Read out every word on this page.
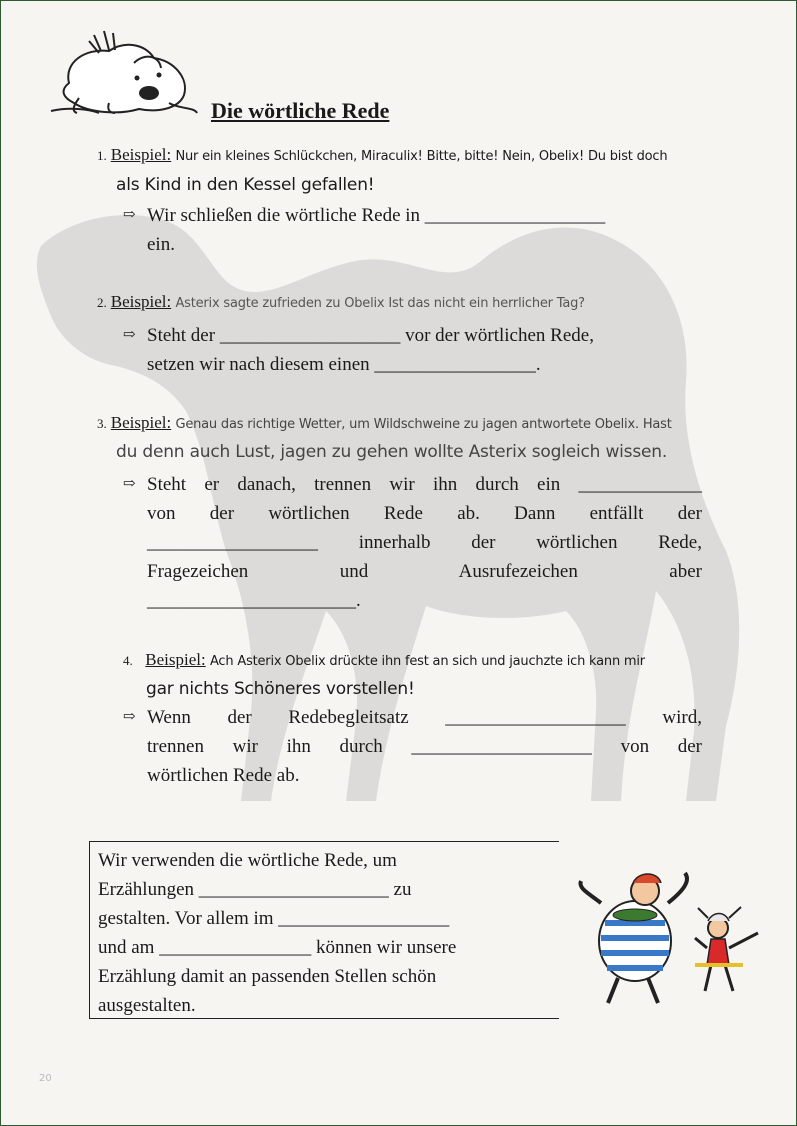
Die wörtliche Rede
1. Beispiel: Nur ein kleines Schlückchen, Miraculix! Bitte, bitte! Nein, Obelix! Du bist doch
als Kind in den Kessel gefallen!
⇨ Wir schließen die wörtliche Rede in ___________________
ein.
2. Beispiel: Asterix sagte zufrieden zu Obelix Ist das nicht ein herrlicher Tag?
⇨ Steht der ___________________ vor der wörtlichen Rede,
setzen wir nach diesem einen _________________.
3. Beispiel: Genau das richtige Wetter, um Wildschweine zu jagen antwortete Obelix. Hast
du denn auch Lust, jagen zu gehen wollte Asterix sogleich wissen.
⇨ Steht er danach, trennen wir ihn durch ein _____________
von der wörtlichen Rede ab. Dann entfällt der
__________________ innerhalb der wörtlichen Rede,
Fragezeichen und Ausrufezeichen aber
______________________.
4. Beispiel: Ach Asterix Obelix drückte ihn fest an sich und jauchzte ich kann mir
gar nichts Schöneres vorstellen!
⇨ Wenn der Redebegleitsatz ___________________ wird,
trennen wir ihn durch ___________________ von der
wörtlichen Rede ab.
Wir verwenden die wörtliche Rede, um
Erzählungen ____________________ zu
gestalten. Vor allem im __________________
und am ________________ können wir unsere
Erzählung damit an passenden Stellen schön
ausgestalten.
20
